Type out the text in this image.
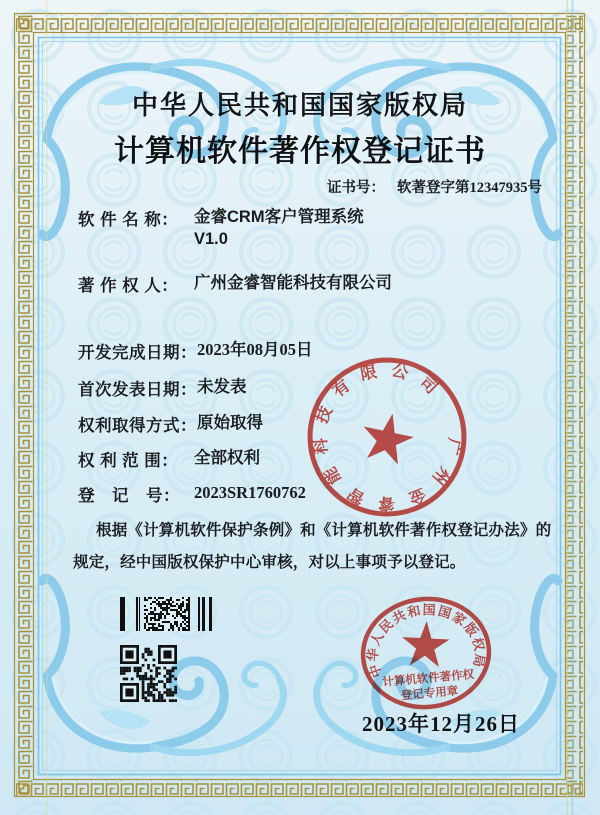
中华人民共和国国家版权局
计算机软件著作权登记证书
证书号： 软著登字第12347935号
软 件 名 称： 金睿CRM客户管理系统
V1.0
著 作 权 人： 广州金睿智能科技有限公司
开发完成日期：2023年08月05日
首次发表日期：未发表
权利取得方式：原始取得
权 利 范 围： 全部权利
登　记　号： 2023SR1760762
根据《计算机软件保护条例》和《计算机软件著作权登记办法》的
规定，经中国版权保护中心审核，对以上事项予以登记。
2023年12月26日
广州金睿智能科技有限公司
中华人民共和国国家版权局
计算机软件著作权
登记专用章
